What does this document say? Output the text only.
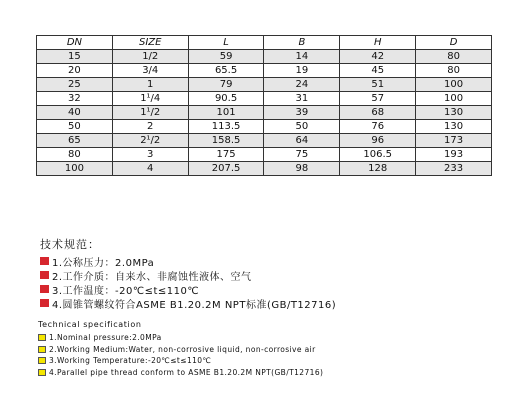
DN	SIZE	L	B	H	D
15	1/2	59	14	42	80
20	3/4	65.5	19	45	80
25	1	79	24	51	100
32	1¹/4	90.5	31	57	100
40	1¹/2	101	39	68	130
50	2	113.5	50	76	130
65	2¹/2	158.5	64	96	173
80	3	175	75	106.5	193
100	4	207.5	98	128	233
技术规范：
1.公称压力：2.0MPa
2.工作介质：自来水、非腐蚀性液体、空气
3.工作温度：-20℃≤t≤110℃
4.圆锥管螺纹符合ASME B1.20.2M NPT标准(GB/T12716)
Technical specification
1.Nominal pressure:2.0MPa
2.Working Medium:Water, non-corrosive liquid, non-corrosive air
3.Working Temperature:-20℃≤t≤110℃
4.Parallel pipe thread conform to ASME B1.20.2M NPT(GB/T12716)
